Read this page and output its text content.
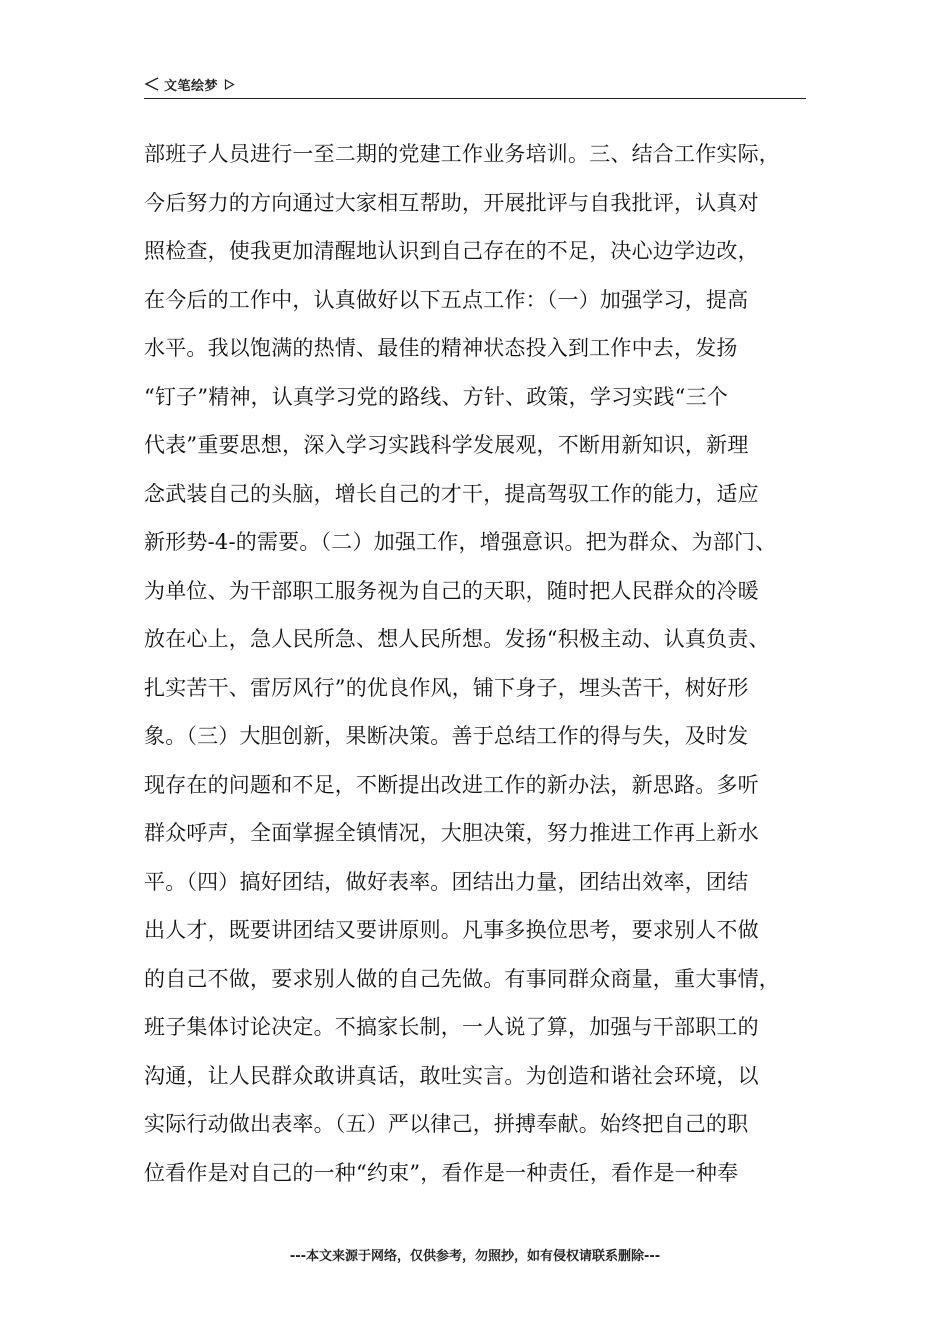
文笔绘梦

部班子人员进行一至二期的党建工作业务培训。三、结合工作实际，

今后努力的方向通过大家相互帮助，开展批评与自我批评，认真对

照检查，使我更加清醒地认识到自己存在的不足，决心边学边改，

在今后的工作中，认真做好以下五点工作：（一）加强学习，提高

水平。我以饱满的热情、最佳的精神状态投入到工作中去，发扬

“钉子”精神，认真学习党的路线、方针、政策，学习实践“三个

代表”重要思想，深入学习实践科学发展观，不断用新知识，新理

念武装自己的头脑，增长自己的才干，提高驾驭工作的能力，适应

新形势-4-的需要。（二）加强工作，增强意识。把为群众、为部门、

为单位、为干部职工服务视为自己的天职，随时把人民群众的冷暖

放在心上，急人民所急、想人民所想。发扬“积极主动、认真负责、

扎实苦干、雷厉风行”的优良作风，铺下身子，埋头苦干，树好形

象。（三）大胆创新，果断决策。善于总结工作的得与失，及时发

现存在的问题和不足，不断提出改进工作的新办法，新思路。多听

群众呼声，全面掌握全镇情况，大胆决策，努力推进工作再上新水

平。（四）搞好团结，做好表率。团结出力量，团结出效率，团结

出人才，既要讲团结又要讲原则。凡事多换位思考，要求别人不做

的自己不做，要求别人做的自己先做。有事同群众商量，重大事情，

班子集体讨论决定。不搞家长制，一人说了算，加强与干部职工的

沟通，让人民群众敢讲真话，敢吐实言。为创造和谐社会环境，以

实际行动做出表率。（五）严以律己，拼搏奉献。始终把自己的职

位看作是对自己的一种“约束”，看作是一种责任，看作是一种奉

---本文来源于网络，仅供参考，勿照抄，如有侵权请联系删除---
